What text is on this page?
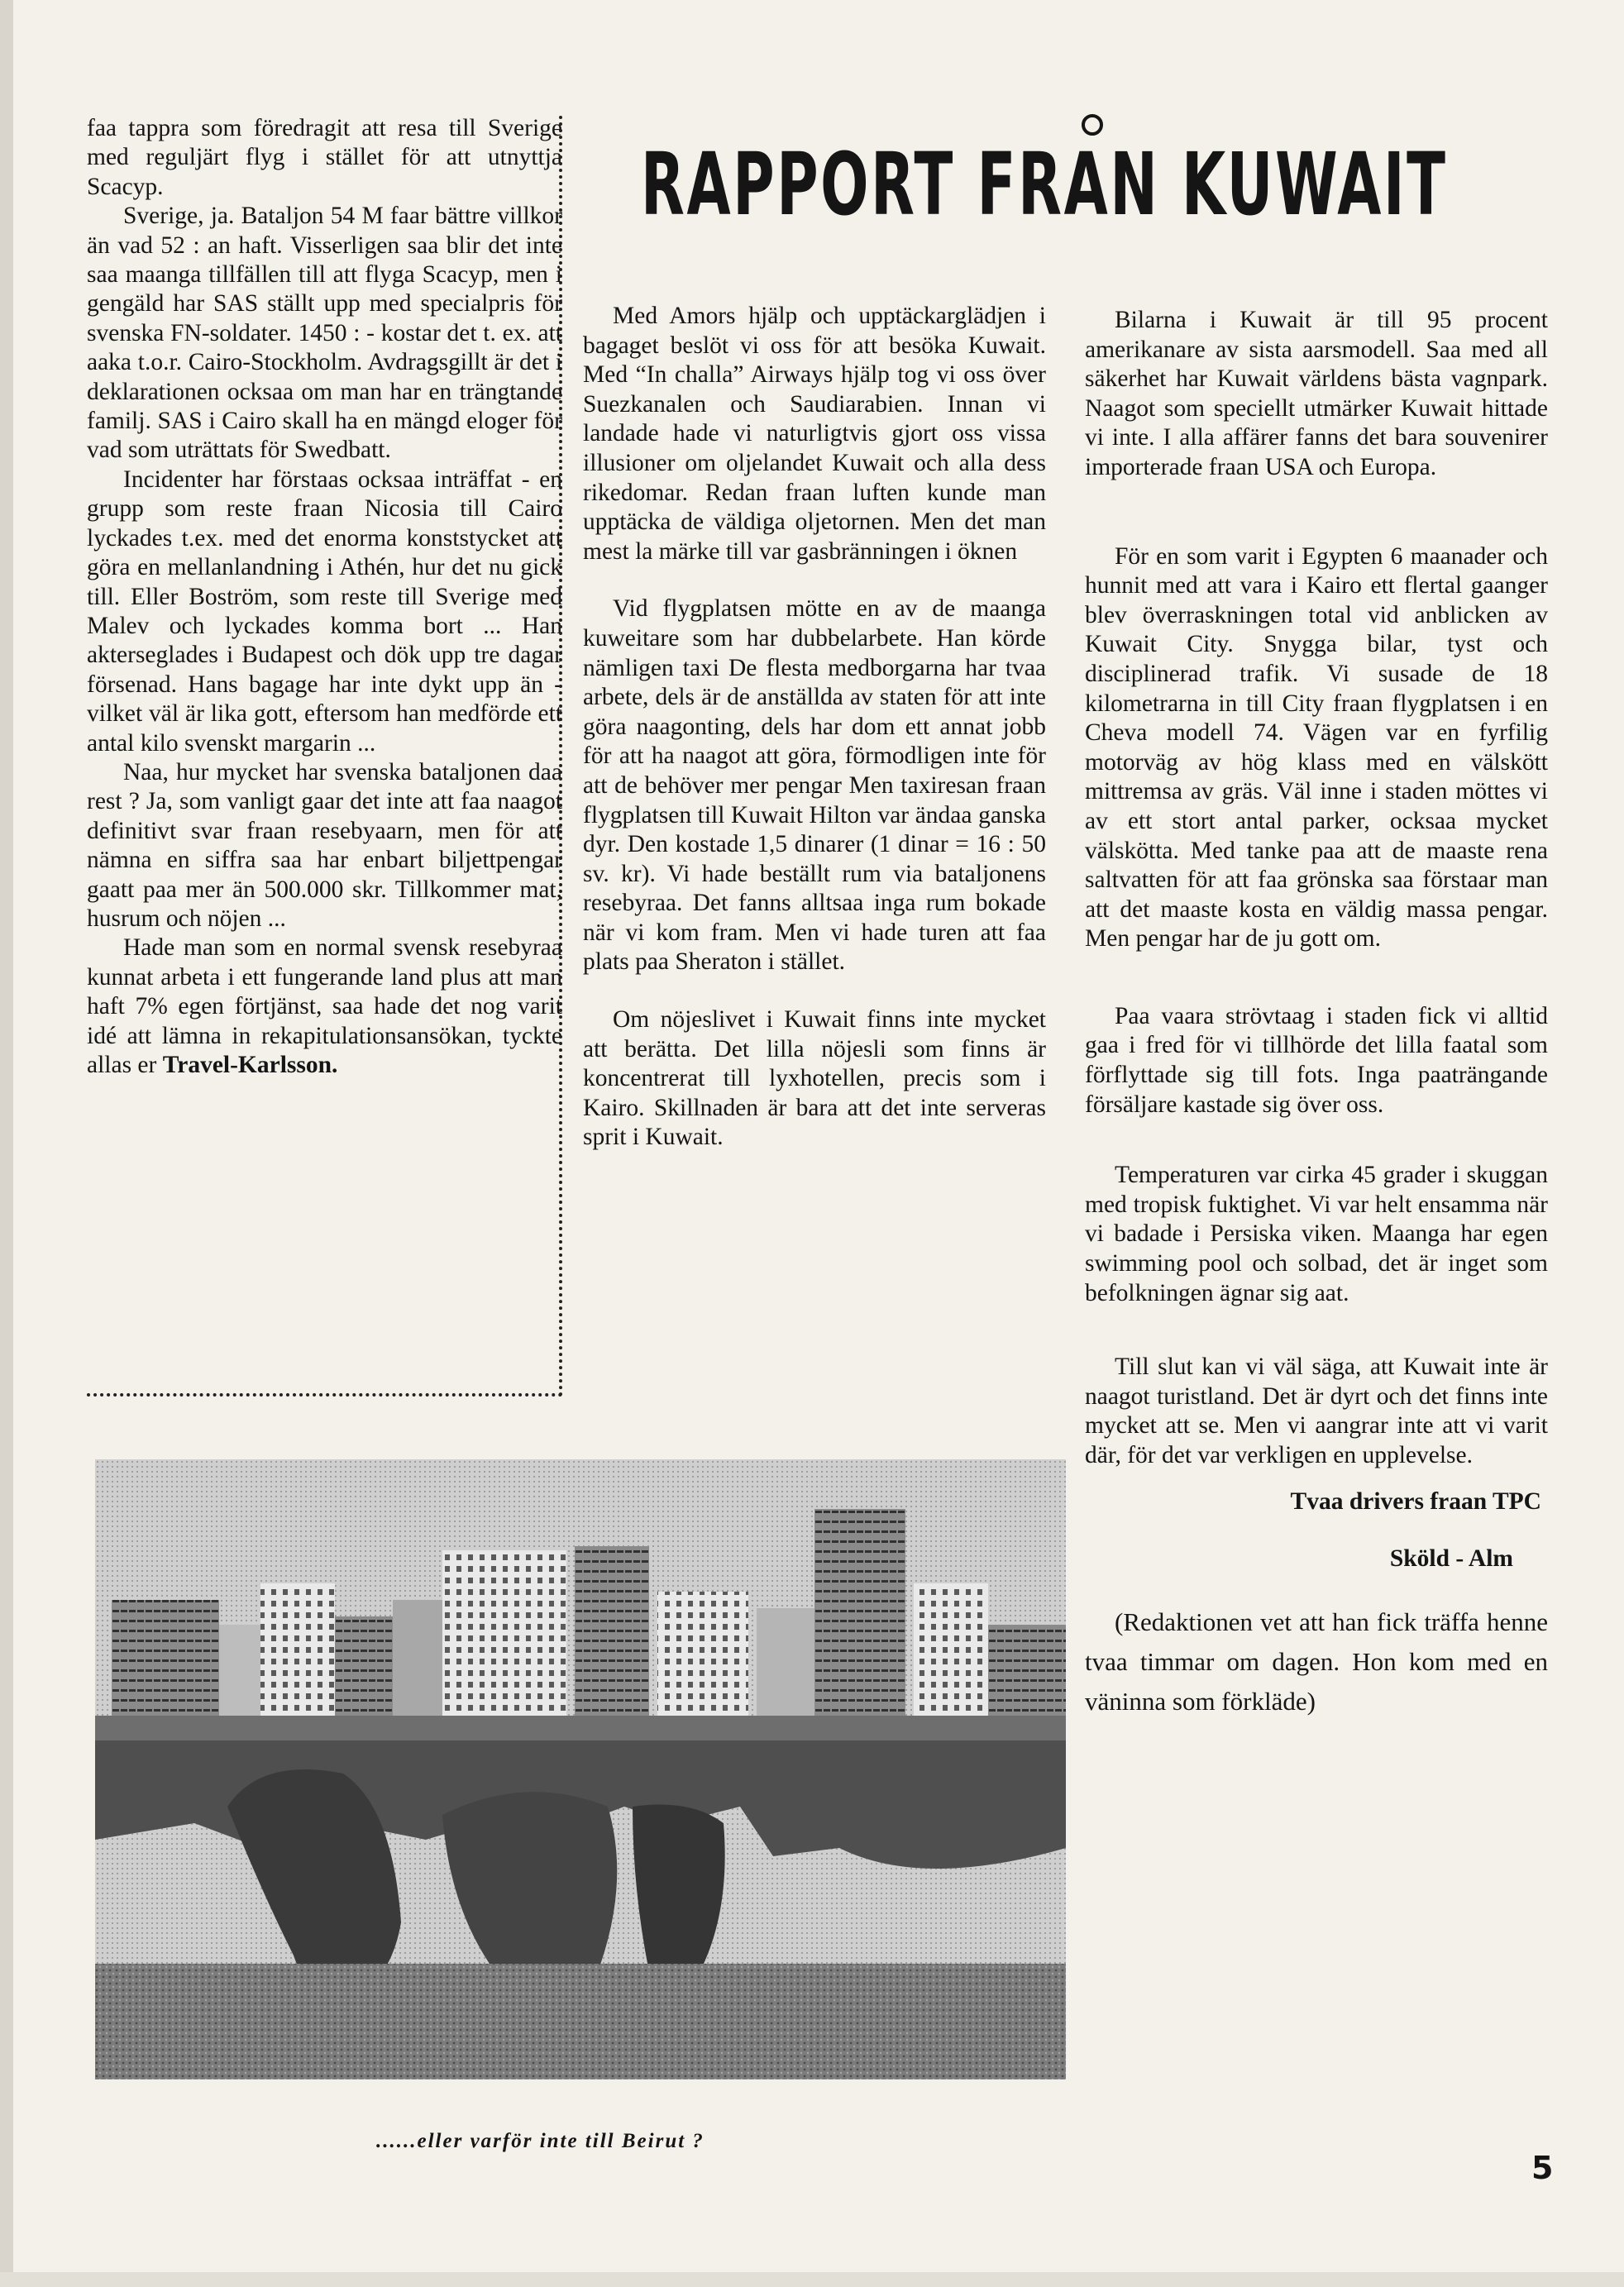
faa tappra som föredragit att resa till Sverige med reguljärt flyg i stället för att utnyttja Scacyp.

Sverige, ja. Bataljon 54 M faar bättre villkor än vad 52 : an haft. Visserligen saa blir det inte saa maanga tillfällen till att flyga Scacyp, men i gengäld har SAS ställt upp med specialpris för svenska FN-soldater. 1450 : - kostar det t. ex. att aaka t.o.r. Cairo-Stockholm. Avdragsgillt är det i deklarationen ocksaa om man har en trängtande familj. SAS i Cairo skall ha en mängd eloger för vad som uträttats för Swedbatt.

Incidenter har förstaas ocksaa inträffat - en grupp som reste fraan Nicosia till Cairo lyckades t.ex. med det enorma konststycket att göra en mellanlandning i Athén, hur det nu gick till. Eller Boström, som reste till Sverige med Malev och lyckades komma bort ... Han akterseglades i Budapest och dök upp tre dagar försenad. Hans bagage har inte dykt upp än - vilket väl är lika gott, eftersom han medförde ett antal kilo svenskt margarin ...

Naa, hur mycket har svenska bataljonen daa rest ? Ja, som vanligt gaar det inte att faa naagot definitivt svar fraan resebyaarn, men för att nämna en siffra saa har enbart biljettpengar gaatt paa mer än 500.000 skr. Tillkommer mat, husrum och nöjen ...

Hade man som en normal svensk resebyraa kunnat arbeta i ett fungerande land plus att man haft 7% egen förtjänst, saa hade det nog varit idé att lämna in rekapitulationsansökan, tyckte allas er Travel-Karlsson.

RAPPORT FRAN KUWAIT

Med Amors hjälp och upptäckarglädjen i bagaget beslöt vi oss för att besöka Kuwait. Med “In challa” Airways hjälp tog vi oss över Suezkanalen och Saudiarabien. Innan vi landade hade vi naturligtvis gjort oss vissa illusioner om oljelandet Kuwait och alla dess rikedomar. Redan fraan luften kunde man upptäcka de väldiga oljetornen. Men det man mest la märke till var gasbränningen i öknen

Vid flygplatsen mötte en av de maanga kuweitare som har dubbelarbete. Han körde nämligen taxi De flesta medborgarna har tvaa arbete, dels är de anställda av staten för att inte göra naagonting, dels har dom ett annat jobb för att ha naagot att göra, förmodligen inte för att de behöver mer pengar Men taxiresan fraan flygplatsen till Kuwait Hilton var ändaa ganska dyr. Den kostade 1,5 dinarer (1 dinar = 16 : 50 sv. kr). Vi hade beställt rum via bataljonens resebyraa. Det fanns alltsaa inga rum bokade när vi kom fram. Men vi hade turen att faa plats paa Sheraton i stället.

Om nöjeslivet i Kuwait finns inte mycket att berätta. Det lilla nöjesli som finns är koncentrerat till lyxhotellen, precis som i Kairo. Skillnaden är bara att det inte serveras sprit i Kuwait.

Bilarna i Kuwait är till 95 procent amerikanare av sista aarsmodell. Saa med all säkerhet har Kuwait världens bästa vagnpark. Naagot som speciellt utmärker Kuwait hittade vi inte. I alla affärer fanns det bara souvenirer importerade fraan USA och Europa.

För en som varit i Egypten 6 maanader och hunnit med att vara i Kairo ett flertal gaanger blev överraskningen total vid anblicken av Kuwait City. Snygga bilar, tyst och disciplinerad trafik. Vi susade de 18 kilometrarna in till City fraan flygplatsen i en Cheva modell 74. Vägen var en fyrfilig motorväg av hög klass med en välskött mittremsa av gräs. Väl inne i staden möttes vi av ett stort antal parker, ocksaa mycket välskötta. Med tanke paa att de maaste rena saltvatten för att faa grönska saa förstaar man att det maaste kosta en väldig massa pengar. Men pengar har de ju gott om.

Paa vaara strövtaag i staden fick vi alltid gaa i fred för vi tillhörde det lilla faatal som förflyttade sig till fots. Inga paaträngande försäljare kastade sig över oss.

Temperaturen var cirka 45 grader i skuggan med tropisk fuktighet. Vi var helt ensamma när vi badade i Persiska viken. Maanga har egen swimming pool och solbad, det är inget som befolkningen ägnar sig aat.

Till slut kan vi väl säga, att Kuwait inte är naagot turistland. Det är dyrt och det finns inte mycket att se. Men vi aangrar inte att vi varit där, för det var verkligen en upplevelse.

Tvaa drivers fraan TPC

Sköld - Alm

(Redaktionen vet att han fick träffa henne tvaa timmar om dagen. Hon kom med en väninna som förkläde)

......eller varför inte till Beirut ?
5
